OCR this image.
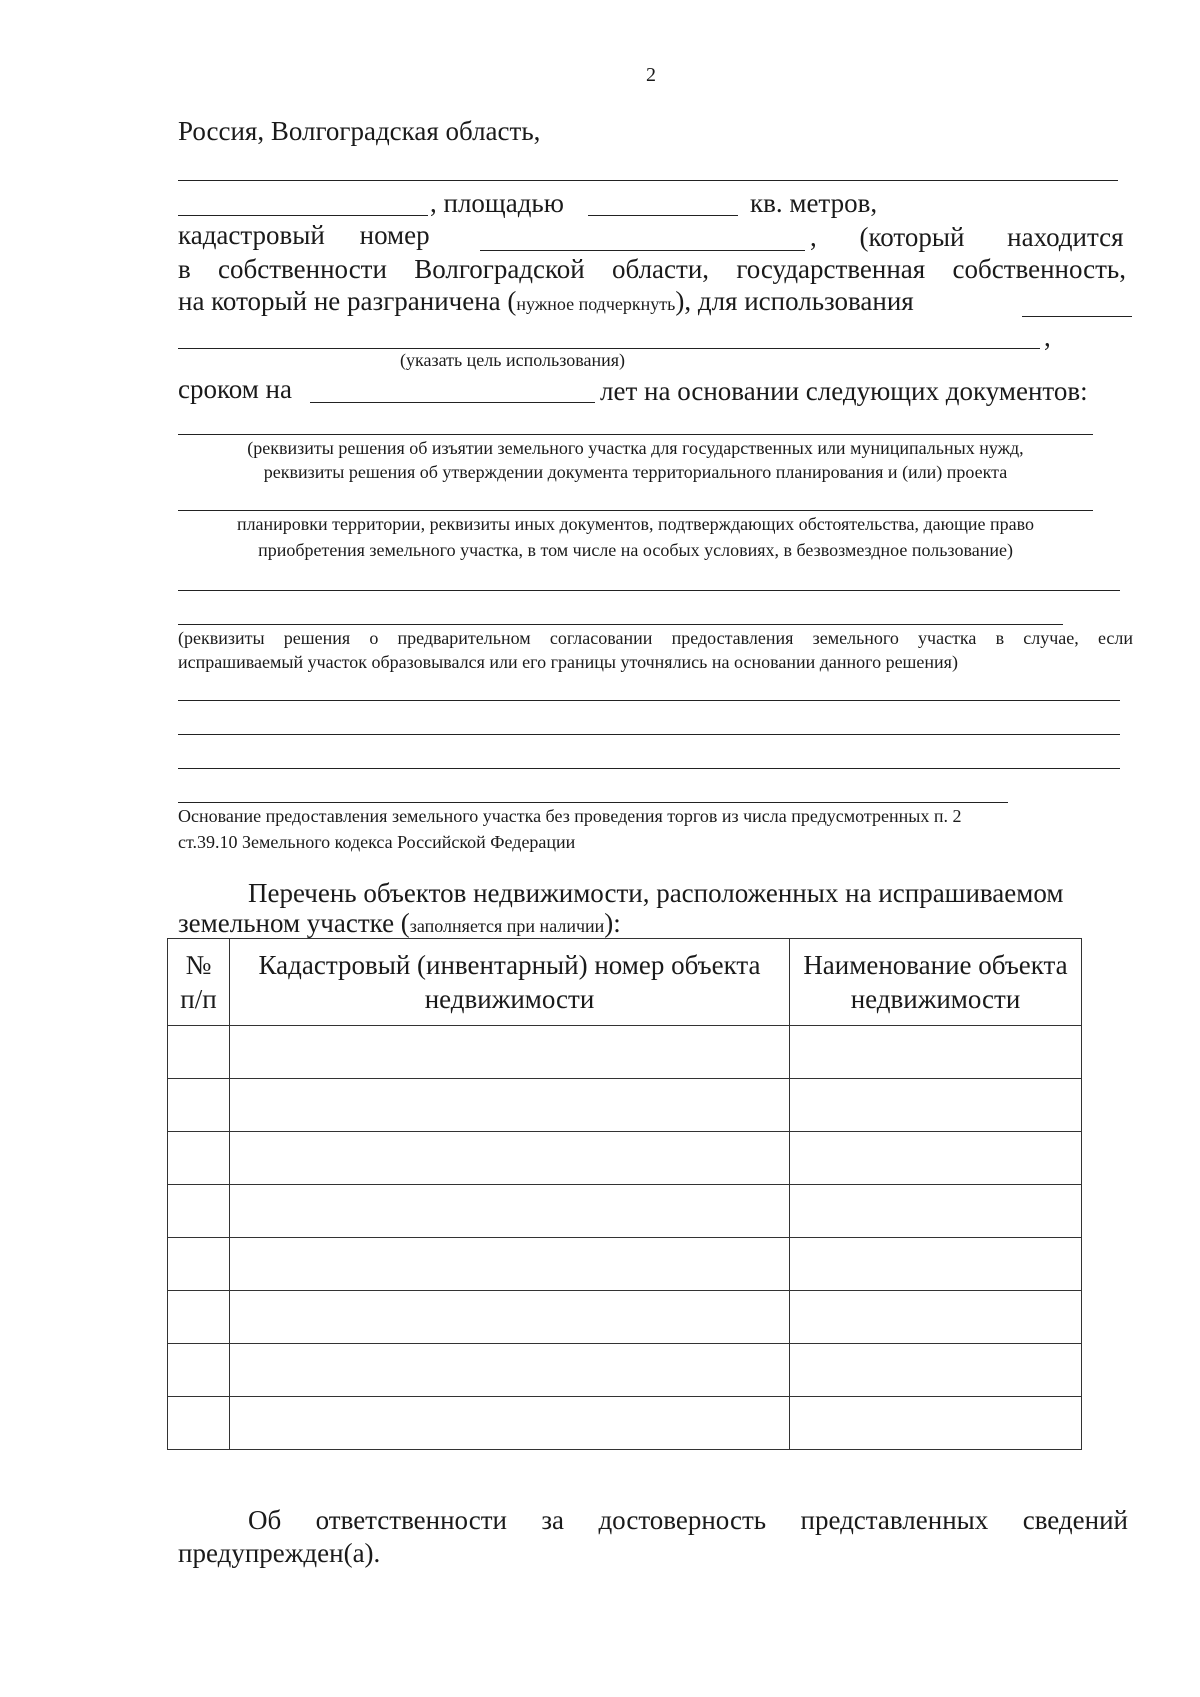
2
Россия, Волгоградская область,
, площадью	кв. метров,
кадастровый номер	, (который находится
в собственности Волгоградской области, государственная собственность,
на который не разграничена (нужное подчеркнуть), для использования
,
(указать цель использования)
сроком на	лет на основании следующих документов:
(реквизиты решения об изъятии земельного участка для государственных или муниципальных нужд,
реквизиты решения об утверждении документа территориального планирования и (или) проекта
планировки территории, реквизиты иных документов, подтверждающих обстоятельства, дающие право
приобретения земельного участка, в том числе на особых условиях, в безвозмездное пользование)
(реквизиты решения о предварительном согласовании предоставления земельного участка в случае, если
испрашиваемый участок образовывался или его границы уточнялись на основании данного решения)
Основание предоставления земельного участка без проведения торгов из числа предусмотренных п. 2
ст.39.10 Земельного кодекса Российской Федерации
Перечень объектов недвижимости, расположенных на испрашиваемом
земельном участке (заполняется при наличии):
№ п/п	Кадастровый (инвентарный) номер объекта недвижимости	Наименование объекта недвижимости

Об ответственности за достоверность представленных сведений
предупрежден(а).
